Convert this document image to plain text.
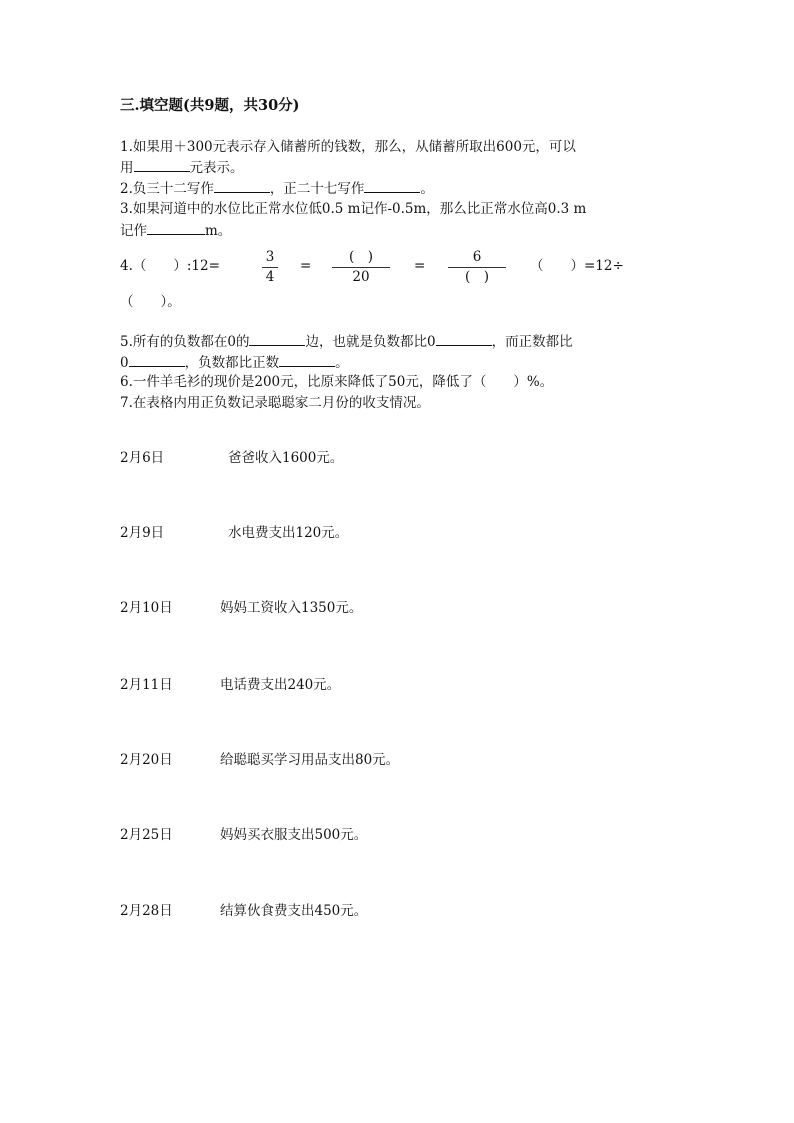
三.填空题(共9题，共30分)
1.如果用＋300元表示存入储蓄所的钱数，那么，从储蓄所取出600元，可以
用	元表示。
2.负三十二写作	，正二十七写作	。
3.如果河道中的水位比正常水位低0.5 m记作-0.5m，那么比正常水位高0.3 m
记作	m。
4.（　　）:12=
3
4
=
(　)
20
=
6
(　)
（　　）=12÷
（　　）。
5.所有的负数都在0的	边，也就是负数都比0	，而正数都比
0	，负数都比正数	。
6.一件羊毛衫的现价是200元，比原来降低了50元，降低了（　　）%。
7.在表格内用正负数记录聪聪家二月份的收支情况。
2月6日	爸爸收入1600元。
2月9日	水电费支出120元。
2月10日	妈妈工资收入1350元。
2月11日	电话费支出240元。
2月20日	给聪聪买学习用品支出80元。
2月25日	妈妈买衣服支出500元。
2月28日	结算伙食费支出450元。
